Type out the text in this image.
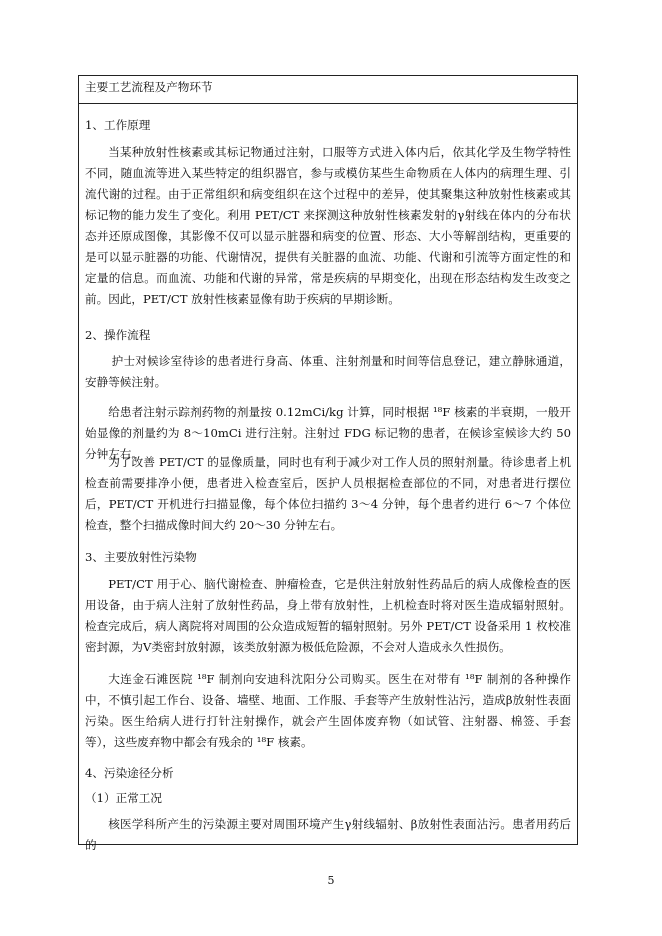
主要工艺流程及产物环节
1、工作原理
当某种放射性核素或其标记物通过注射，口服等方式进入体内后，依其化学及生物学特性不同，随血流等进入某些特定的组织器官，参与或模仿某些生命物质在人体内的病理生理、引流代谢的过程。由于正常组织和病变组织在这个过程中的差异，使其聚集这种放射性核素或其标记物的能力发生了变化。利用 PET/CT 来探测这种放射性核素发射的γ射线在体内的分布状态并还原成图像，其影像不仅可以显示脏器和病变的位置、形态、大小等解剖结构，更重要的是可以显示脏器的功能、代谢情况，提供有关脏器的血流、功能、代谢和引流等方面定性的和定量的信息。而血流、功能和代谢的异常，常是疾病的早期变化，出现在形态结构发生改变之前。因此，PET/CT 放射性核素显像有助于疾病的早期诊断。
2、操作流程
护士对候诊室待诊的患者进行身高、体重、注射剂量和时间等信息登记，建立静脉通道，安静等候注射。
给患者注射示踪剂药物的剂量按 0.12mCi/kg 计算，同时根据 ¹⁸F 核素的半衰期，一般开始显像的剂量约为 8～10mCi 进行注射。注射过 FDG 标记物的患者，在候诊室候诊大约 50 分钟左右。
为了改善 PET/CT 的显像质量，同时也有利于减少对工作人员的照射剂量。待诊患者上机检查前需要排净小便，患者进入检查室后，医护人员根据检查部位的不同，对患者进行摆位后，PET/CT 开机进行扫描显像，每个体位扫描约 3～4 分钟，每个患者约进行 6～7 个体位检查，整个扫描成像时间大约 20～30 分钟左右。
3、主要放射性污染物
PET/CT 用于心、脑代谢检查、肿瘤检查，它是供注射放射性药品后的病人成像检查的医用设备，由于病人注射了放射性药品，身上带有放射性，上机检查时将对医生造成辐射照射。检查完成后，病人离院将对周围的公众造成短暂的辐射照射。另外 PET/CT 设备采用 1 枚校准密封源，为Ⅴ类密封放射源，该类放射源为极低危险源，不会对人造成永久性损伤。
大连金石滩医院 ¹⁸F 制剂向安迪科沈阳分公司购买。医生在对带有 ¹⁸F 制剂的各种操作中，不慎引起工作台、设备、墙壁、地面、工作服、手套等产生放射性沾污，造成β放射性表面污染。医生给病人进行打针注射操作，就会产生固体废弃物（如试管、注射器、棉签、手套等），这些废弃物中都会有残余的 ¹⁸F 核素。
4、污染途径分析
（1）正常工况
核医学科所产生的污染源主要对周围环境产生γ射线辐射、β放射性表面沾污。患者用药后的
5
